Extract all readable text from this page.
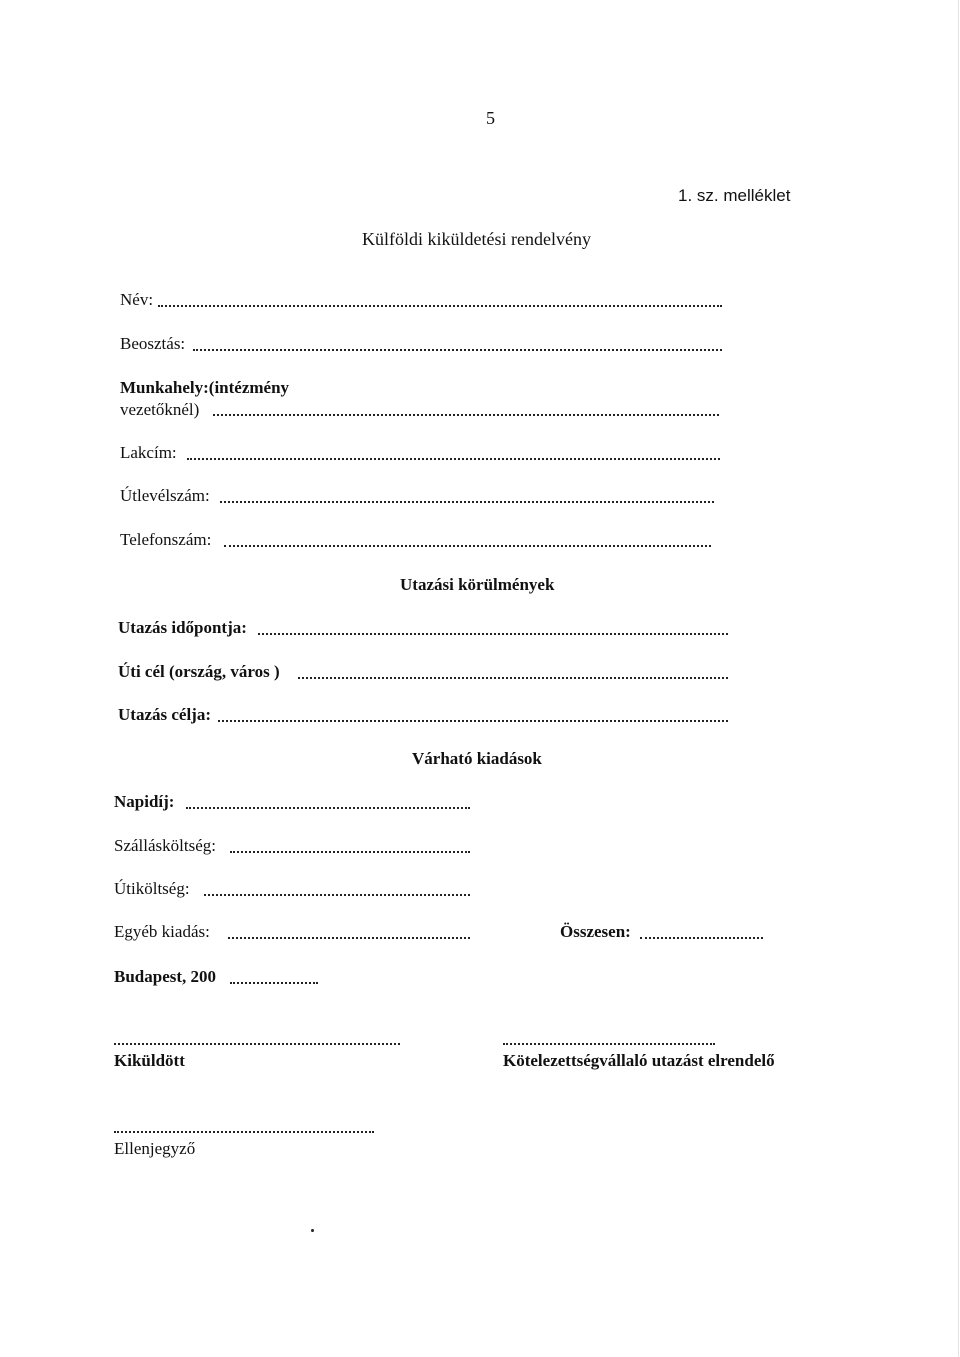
5
1. sz. melléklet
Külföldi kiküldetési rendelvény
Név:
Beosztás:
Munkahely:(intézmény
vezetőknél)
Lakcím:
Útlevélszám:
Telefonszám:
Utazási körülmények
Utazás időpontja:
Úti cél (ország, város )
Utazás célja:
Várható kiadások
Napidíj:
Szállásköltség:
Útiköltség:
Egyéb kiadás:	Összesen:
Budapest, 200
Kiküldött	Kötelezettségvállaló utazást elrendelő
Ellenjegyző
